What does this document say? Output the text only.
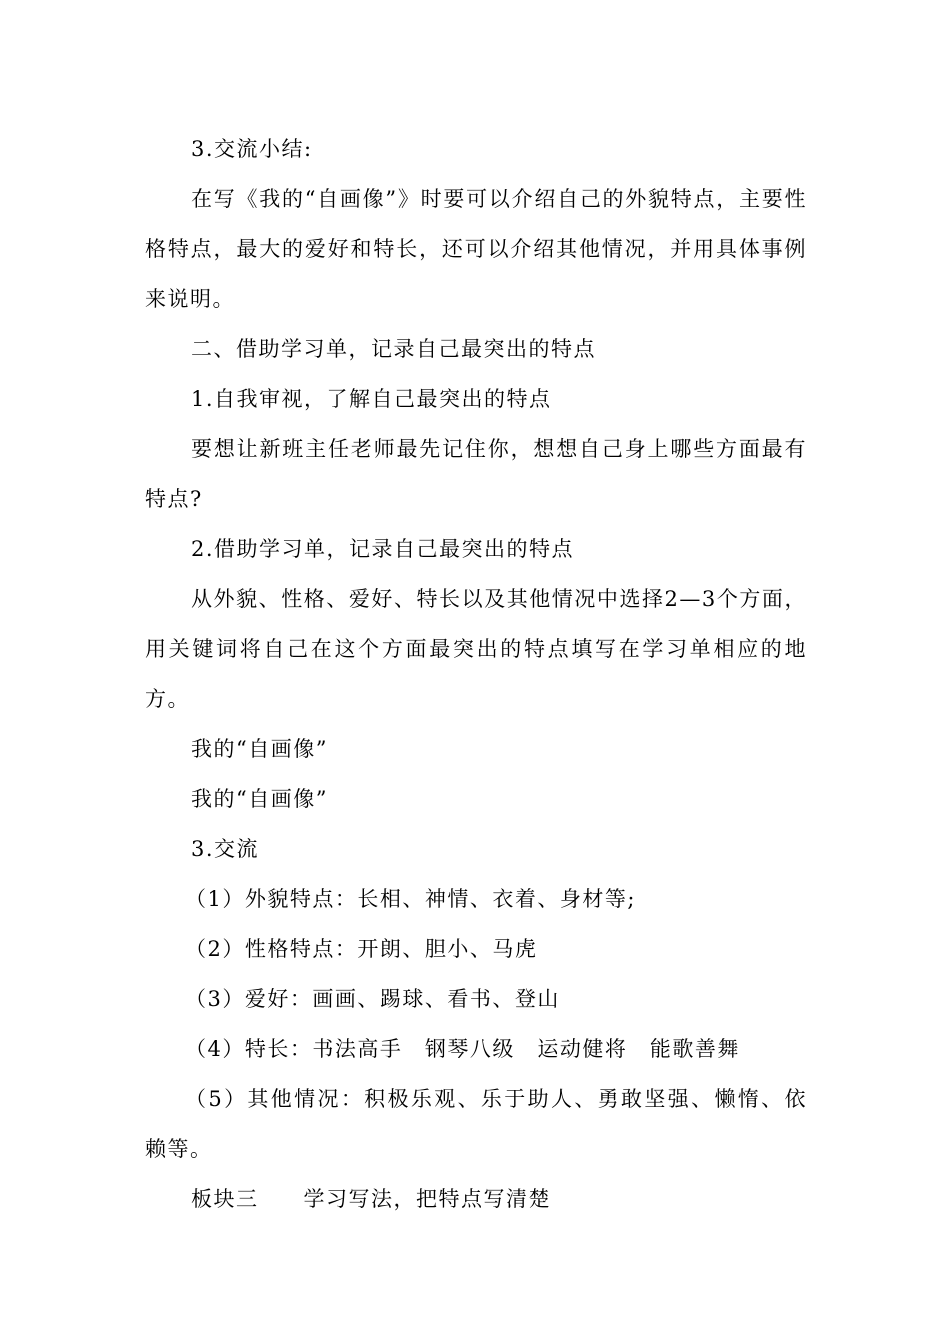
3.交流小结:

在写《我的“自画像”》时要可以介绍自己的外貌特点，主要性格特点，最大的爱好和特长，还可以介绍其他情况，并用具体事例来说明。

二、借助学习单，记录自己最突出的特点

1.自我审视，了解自己最突出的特点

要想让新班主任老师最先记住你，想想自己身上哪些方面最有特点?

2.借助学习单，记录自己最突出的特点

从外貌、性格、爱好、特长以及其他情况中选择2—3个方面，用关键词将自己在这个方面最突出的特点填写在学习单相应的地方。

我的“自画像”

我的“自画像”

3.交流

（1）外貌特点：长相、神情、衣着、身材等;

（2）性格特点：开朗、胆小、马虎

（3）爱好：画画、踢球、看书、登山

（4）特长：书法高手　钢琴八级　运动健将　能歌善舞

（5）其他情况：积极乐观、乐于助人、勇敢坚强、懒惰、依赖等。

板块三　　学习写法，把特点写清楚
